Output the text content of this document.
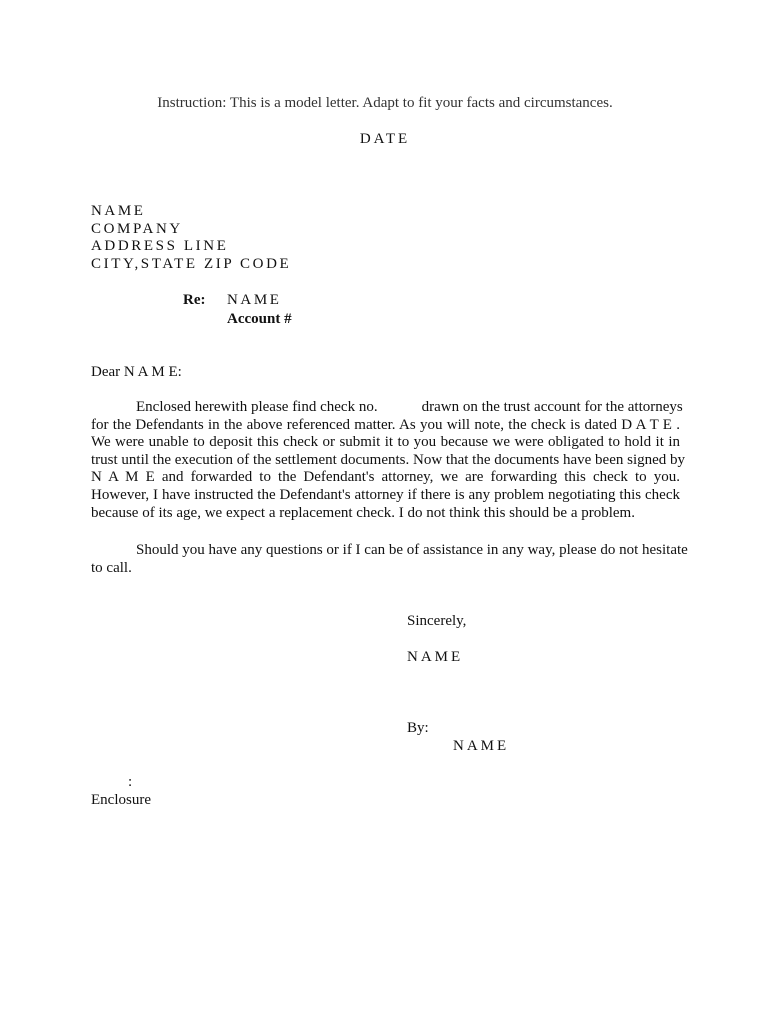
Instruction: This is a model letter. Adapt to fit your facts and circumstances.
DATE
NAME
COMPANY
ADDRESS LINE
CITY,STATE ZIP CODE
Re: NAME
Account #
Dear N A M E:
Enclosed herewith please find check no.	drawn on the trust account for the attorneys
for the Defendants in the above referenced matter. As you will note, the check is dated D A T E .
We were unable to deposit this check or submit it to you because we were obligated to hold it in
trust until the execution of the settlement documents. Now that the documents have been signed by
N A M E and forwarded to the Defendant's attorney, we are forwarding this check to you.
However, I have instructed the Defendant's attorney if there is any problem negotiating this check
because of its age, we expect a replacement check. I do not think this should be a problem.
Should you have any questions or if I can be of assistance in any way, please do not hesitate
to call.
Sincerely,
NAME
By:
NAME
:
Enclosure
